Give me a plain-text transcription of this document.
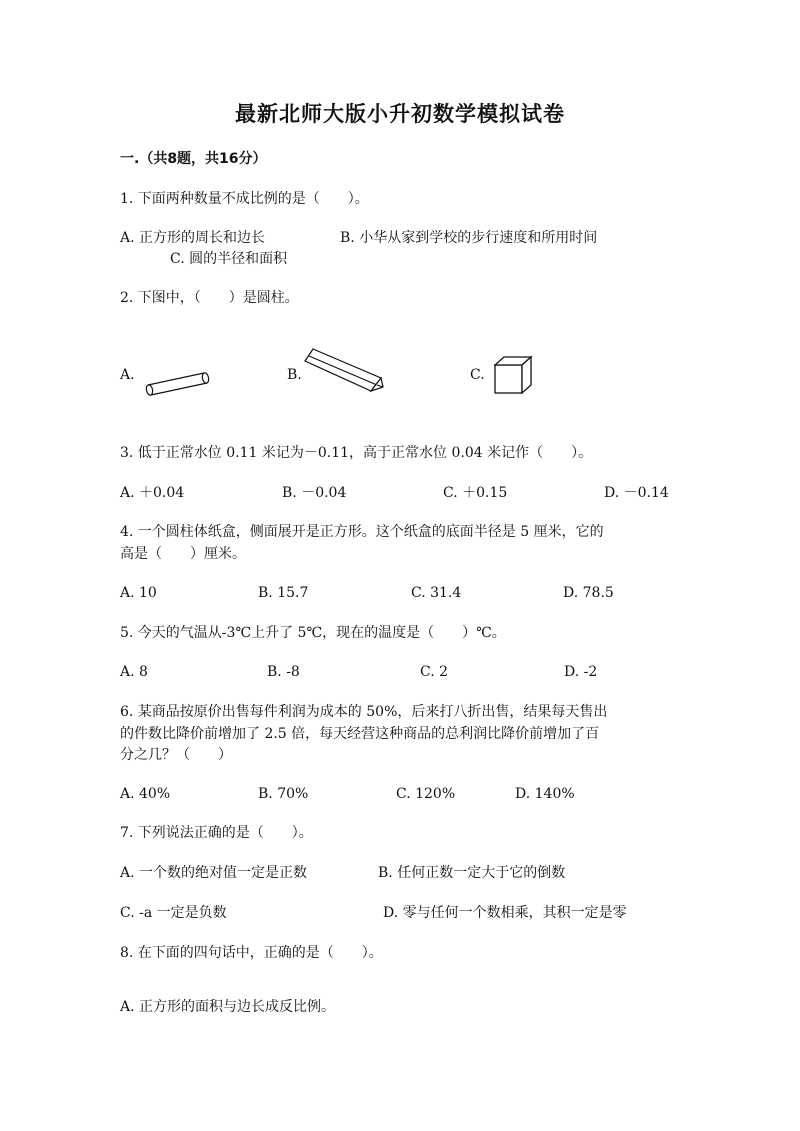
最新北师大版小升初数学模拟试卷
一.（共8题，共16分）
1. 下面两种数量不成比例的是（　　）。
A. 正方形的周长和边长	B. 小华从家到学校的步行速度和所用时间
C. 圆的半径和面积
2. 下图中，（　　）是圆柱。
A.	B.	C.
3. 低于正常水位 0.11 米记为－0.11，高于正常水位 0.04 米记作（　　）。
A. ＋0.04	B. －0.04	C. ＋0.15	D. －0.14
4. 一个圆柱体纸盒，侧面展开是正方形。这个纸盒的底面半径是 5 厘米，它的
高是（　　）厘米。
A. 10	B. 15.7	C. 31.4	D. 78.5
5. 今天的气温从-3℃上升了 5℃，现在的温度是（　　）℃。
A. 8	B. -8	C. 2	D. -2
6. 某商品按原价出售每件利润为成本的 50%，后来打八折出售，结果每天售出
的件数比降价前增加了 2.5 倍，每天经营这种商品的总利润比降价前增加了百
分之几？（　　）
A. 40%	B. 70%	C. 120%	D. 140%
7. 下列说法正确的是（　　）。
A. 一个数的绝对值一定是正数	B. 任何正数一定大于它的倒数
C. -a 一定是负数	D. 零与任何一个数相乘，其积一定是零
8. 在下面的四句话中，正确的是（　　）。
A. 正方形的面积与边长成反比例。
